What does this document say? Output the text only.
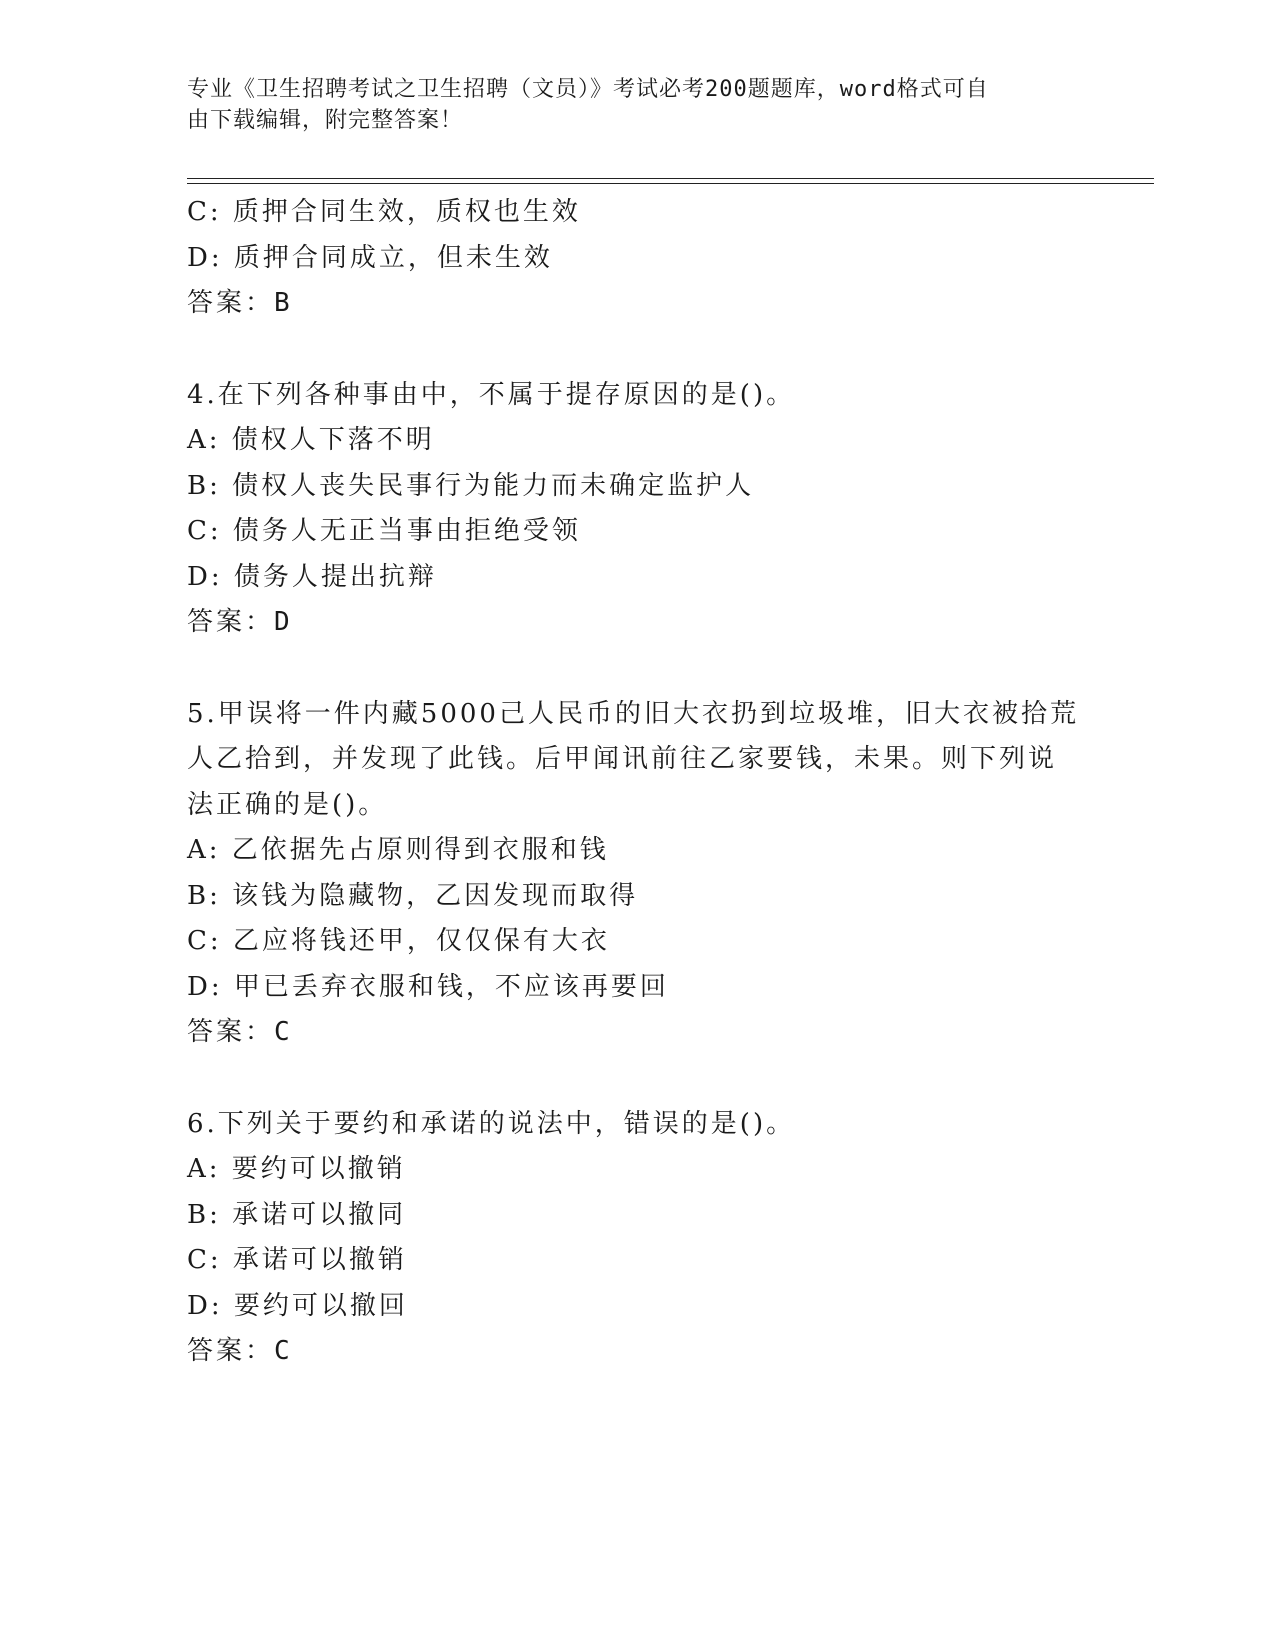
专业《卫生招聘考试之卫生招聘（文员）》考试必考200题题库，word格式可自
由下载编辑，附完整答案！
C: 质押合同生效，质权也生效
D: 质押合同成立，但未生效
答案：B
4.在下列各种事由中，不属于提存原因的是()。
A: 债权人下落不明
B: 债权人丧失民事行为能力而未确定监护人
C: 债务人无正当事由拒绝受领
D: 债务人提出抗辩
答案：D
5.甲误将一件内藏5000己人民币的旧大衣扔到垃圾堆，旧大衣被拾荒
人乙拾到，并发现了此钱。后甲闻讯前往乙家要钱，未果。则下列说
法正确的是()。
A: 乙依据先占原则得到衣服和钱
B: 该钱为隐藏物，乙因发现而取得
C: 乙应将钱还甲，仅仅保有大衣
D: 甲已丢弃衣服和钱，不应该再要回
答案：C
6.下列关于要约和承诺的说法中，错误的是()。
A: 要约可以撤销
B: 承诺可以撤同
C: 承诺可以撤销
D: 要约可以撤回
答案：C
